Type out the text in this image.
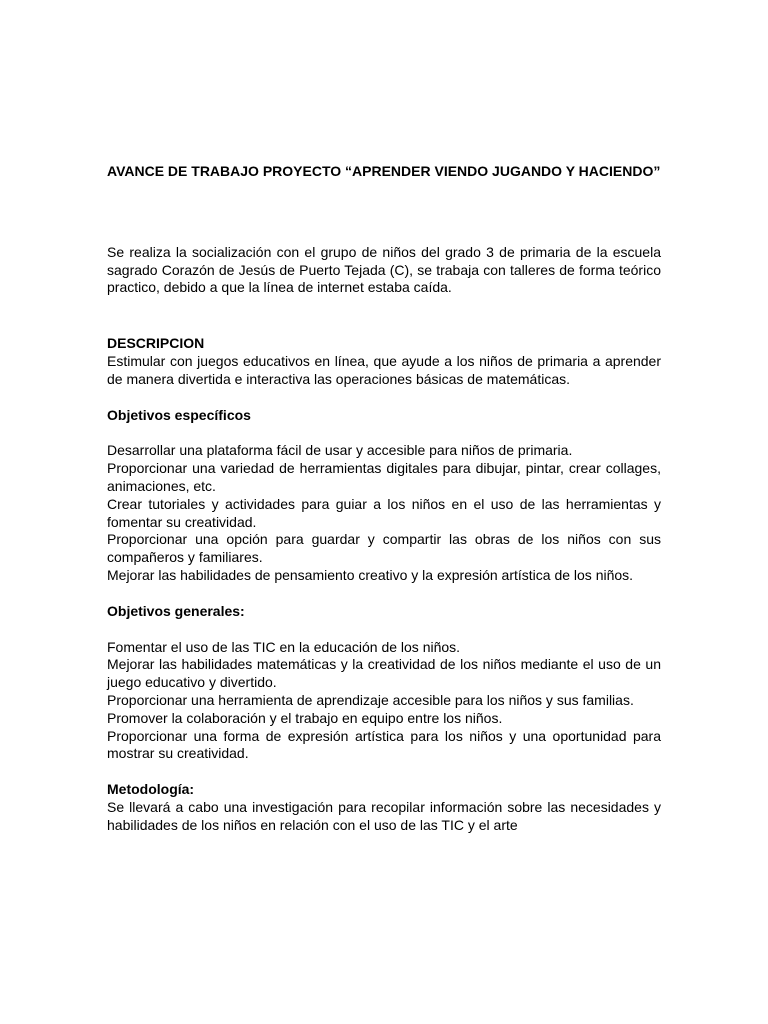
AVANCE DE TRABAJO PROYECTO “APRENDER VIENDO JUGANDO Y HACIENDO”

Se realiza la socialización con el grupo de niños del grado 3 de primaria de la escuela sagrado Corazón de Jesús de Puerto Tejada (C), se trabaja con talleres de forma teórico practico, debido a que la línea de internet estaba caída.

DESCRIPCION

Estimular con juegos educativos en línea, que ayude a los niños de primaria a aprender de manera divertida e interactiva las operaciones básicas de matemáticas.

Objetivos específicos

Desarrollar una plataforma fácil de usar y accesible para niños de primaria.

Proporcionar una variedad de herramientas digitales para dibujar, pintar, crear collages, animaciones, etc.

Crear tutoriales y actividades para guiar a los niños en el uso de las herramientas y fomentar su creatividad.

Proporcionar una opción para guardar y compartir las obras de los niños con sus compañeros y familiares.

Mejorar las habilidades de pensamiento creativo y la expresión artística de los niños.

Objetivos generales:

Fomentar el uso de las TIC en la educación de los niños.

Mejorar las habilidades matemáticas y la creatividad de los niños mediante el uso de un juego educativo y divertido.

Proporcionar una herramienta de aprendizaje accesible para los niños y sus familias.

Promover la colaboración y el trabajo en equipo entre los niños.

Proporcionar una forma de expresión artística para los niños y una oportunidad para mostrar su creatividad.

Metodología:

Se llevará a cabo una investigación para recopilar información sobre las necesidades y habilidades de los niños en relación con el uso de las TIC y el arte
